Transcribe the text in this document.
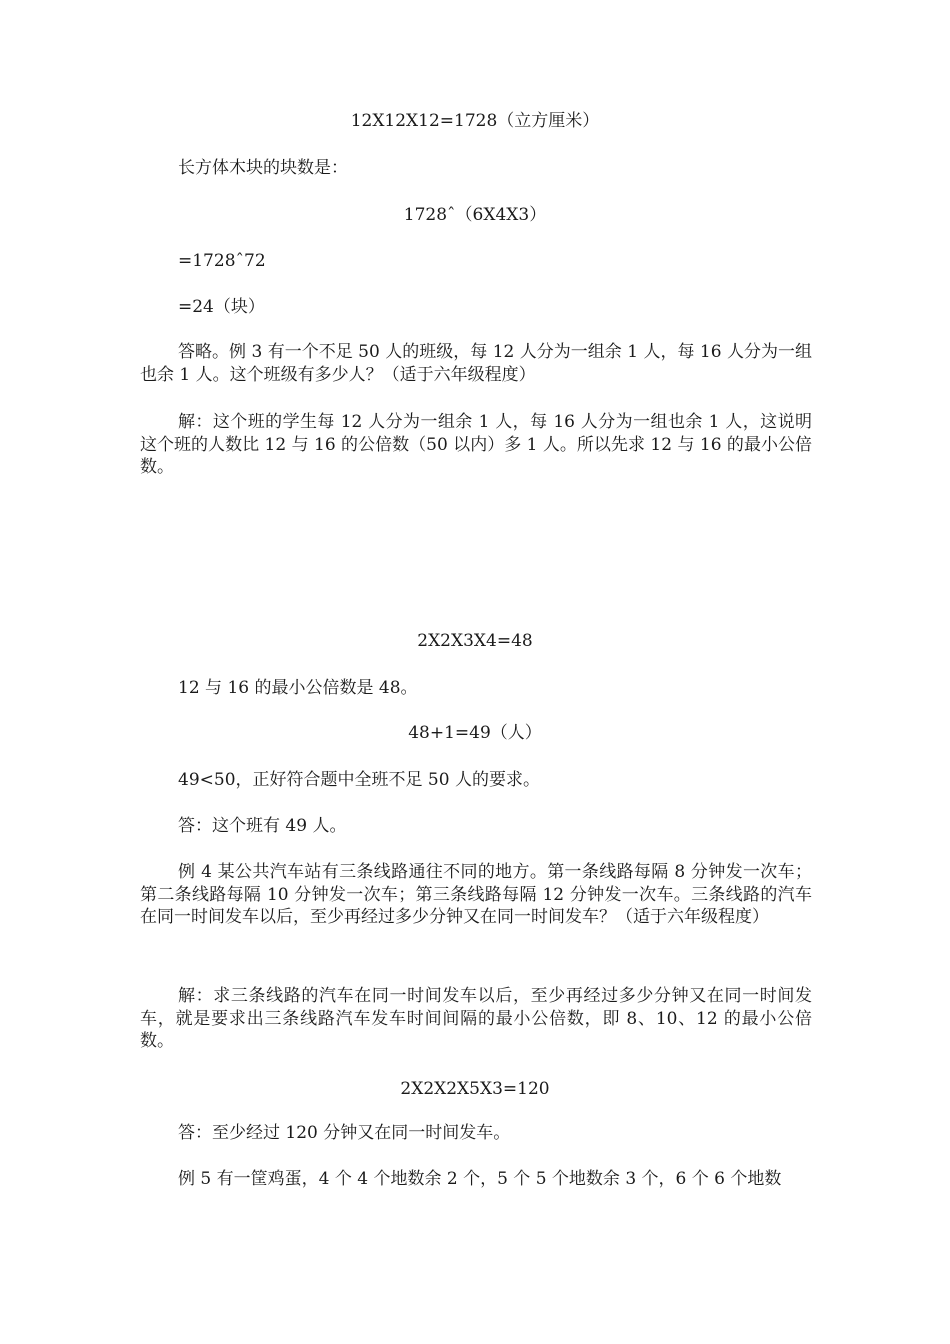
12X12X12=1728（立方厘米）
长方体木块的块数是：
1728ˆ（6X4X3）
=1728ˆ72
=24（块）
答略。例 3 有一个不足 50 人的班级，每 12 人分为一组余 1 人，每 16 人分为一组也余 1 人。这个班级有多少人？（适于六年级程度）
解：这个班的学生每 12 人分为一组余 1 人，每 16 人分为一组也余 1 人，这说明这个班的人数比 12 与 16 的公倍数（50 以内）多 1 人。所以先求 12 与 16 的最小公倍数。
2X2X3X4=48
12 与 16 的最小公倍数是 48。
48+1=49（人）
49<50，正好符合题中全班不足 50 人的要求。
答：这个班有 49 人。
例 4 某公共汽车站有三条线路通往不同的地方。第一条线路每隔 8 分钟发一次车；第二条线路每隔 10 分钟发一次车；第三条线路每隔 12 分钟发一次车。三条线路的汽车在同一时间发车以后，至少再经过多少分钟又在同一时间发车？（适于六年级程度）
解：求三条线路的汽车在同一时间发车以后，至少再经过多少分钟又在同一时间发车，就是要求出三条线路汽车发车时间间隔的最小公倍数，即 8、10、12 的最小公倍数。
2X2X2X5X3=120
答：至少经过 120 分钟又在同一时间发车。
例 5 有一筐鸡蛋，4 个 4 个地数余 2 个，5 个 5 个地数余 3 个，6 个 6 个地数
